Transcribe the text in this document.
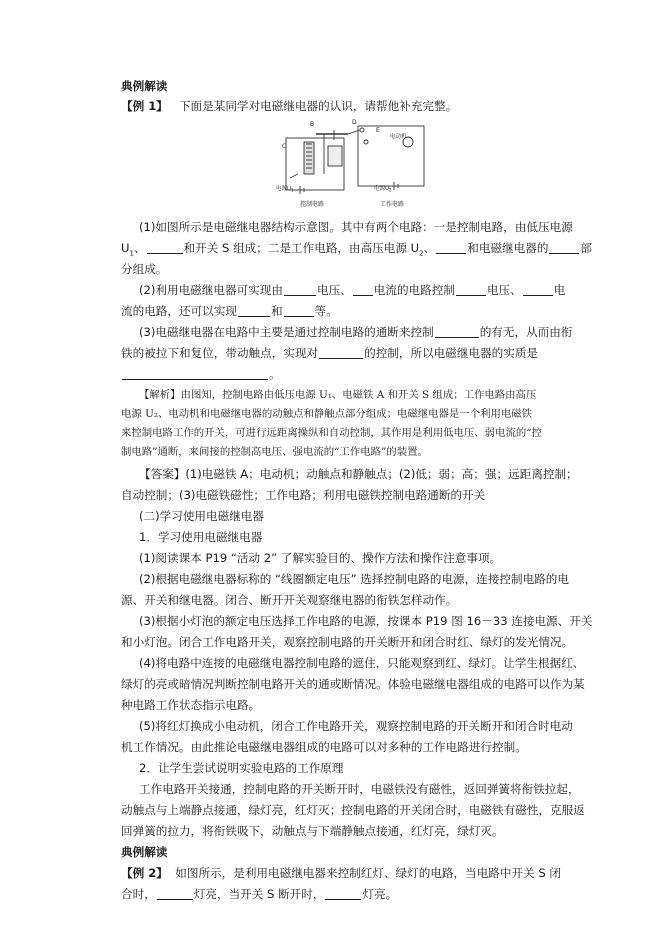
典例解读
【例 1】 下面是某同学对电磁继电器的认识，请帮他补充完整。
B
C
D
E
电动机
电源$U_1$	电源$U_2$
控制电路	工作电路
(1)如图所示是电磁继电器结构示意图。其中有两个电路：一是控制电路，由低压电源
$U_1$、	和开关 S 组成；二是工作电路，由高压电源 $U_2$、	和电磁继电器的	部
分组成。
(2)利用电磁继电器可实现由	电压、 电流的电路控制	电压、	电
流的电路，还可以实现	和	等。
(3)电磁继电器在电路中主要是通过控制电路的通断来控制	的有无，从而由衔
铁的被拉下和复位，带动触点，实现对	的控制，所以电磁继电器的实质是
。
【解析】由图知，控制电路由低压电源 U₁、电磁铁 A 和开关 S 组成；工作电路由高压
电源 U₂、电动机和电磁继电器的动触点和静触点部分组成；电磁继电器是一个利用电磁铁
来控制电路工作的开关，可进行远距离操纵和自动控制，其作用是利用低电压、弱电流的“控
制电路”通断，来间接的控制高电压、强电流的“工作电路”的装置。
【答案】(1)电磁铁 A；电动机；动触点和静触点；(2)低；弱；高；强；远距离控制；
自动控制；(3)电磁铁磁性；工作电路；利用电磁铁控制电路通断的开关
(二)学习使用电磁继电器
1．学习使用电磁继电器
(1)阅读课本 P19 “活动 2” 了解实验目的、操作方法和操作注意事项。
(2)根据电磁继电器标称的 “线圈额定电压” 选择控制电路的电源，连接控制电路的电
源、开关和继电器。闭合、断开开关观察继电器的衔铁怎样动作。
(3)根据小灯泡的额定电压选择工作电路的电源，按课本 P19 图 16－33 连接电源、开关
和小灯泡。闭合工作电路开关，观察控制电路的开关断开和闭合时红、绿灯的发光情况。
(4)将电路中连接的电磁继电器控制电路的遮住，只能观察到红、绿灯。让学生根据红、
绿灯的亮或暗情况判断控制电路开关的通或断情况。体验电磁继电器组成的电路可以作为某
种电路工作状态指示电路。
(5)将红灯换成小电动机，闭合工作电路开关，观察控制电路的开关断开和闭合时电动
机工作情况。由此推论电磁继电器组成的电路可以对多种的工作电路进行控制。
2．让学生尝试说明实验电路的工作原理
工作电路开关接通，控制电路的开关断开时，电磁铁没有磁性，返回弹簧将衔铁拉起，
动触点与上端静点接通，绿灯亮，红灯灭；控制电路的开关闭合时，电磁铁有磁性，克服返
回弹簧的拉力，将衔铁吸下，动触点与下端静触点接通，红灯亮，绿灯灭。
典例解读
【例 2】 如图所示，是利用电磁继电器来控制红灯、绿灯的电路，当电路中开关 S 闭
合时，	灯亮，当开关 S 断开时，	灯亮。
